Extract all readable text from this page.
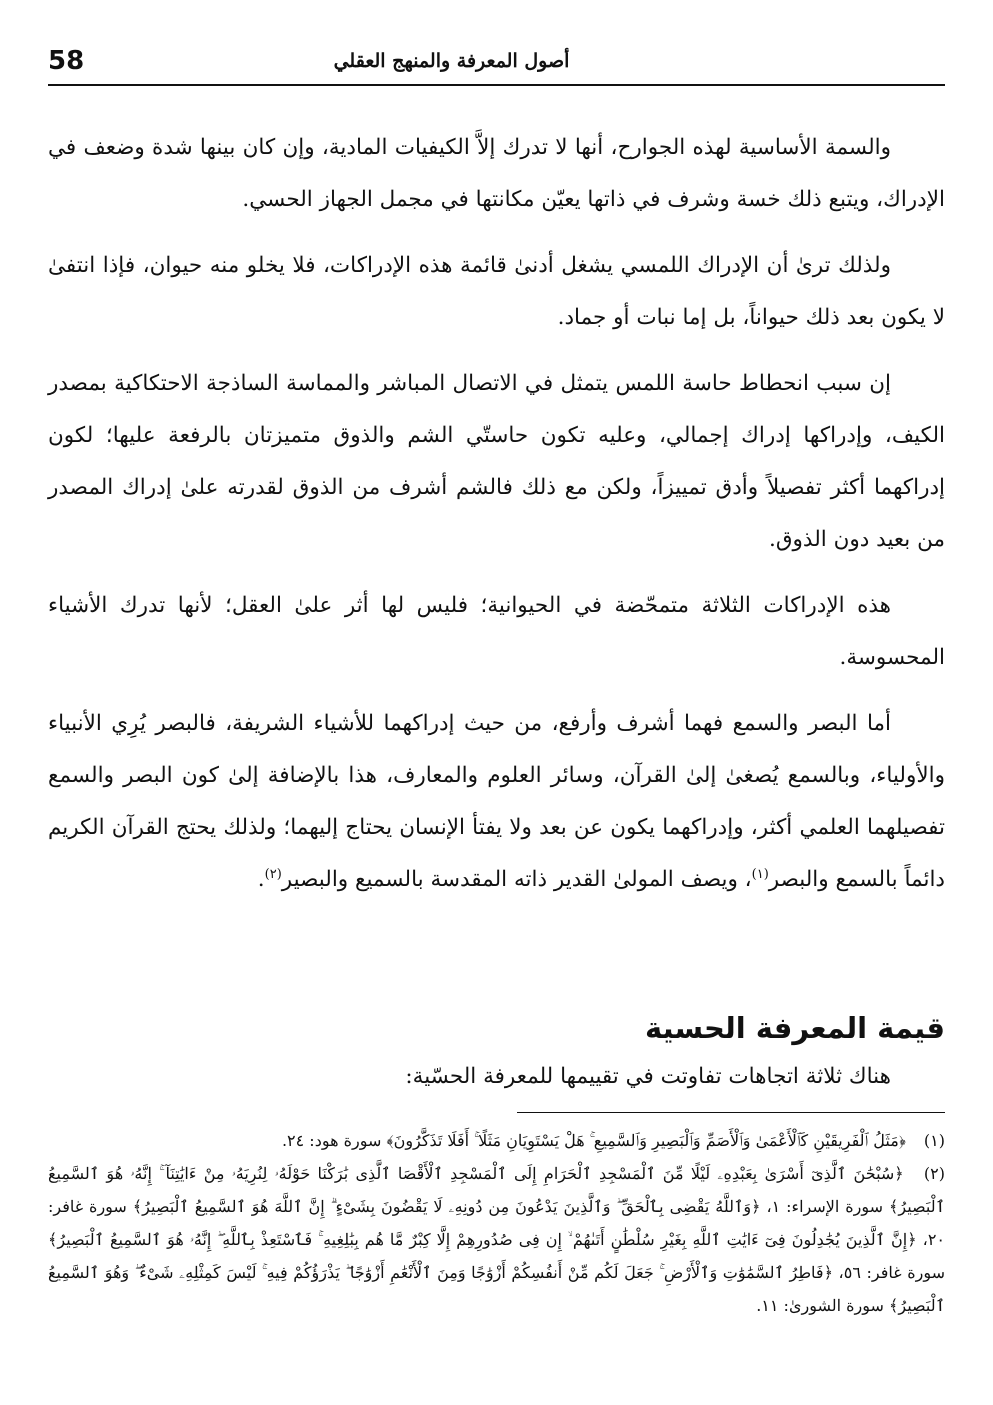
58	أصول المعرفة والمنهج العقلي

والسمة الأساسية لهذه الجوارح، أنها لا تدرك إلاَّ الكيفيات المادية، وإن كان بينها شدة وضعف في الإدراك، ويتبع ذلك خسة وشرف في ذاتها يعيّن مكانتها في مجمل الجهاز الحسي.

ولذلك ترىٰ أن الإدراك اللمسي يشغل أدنىٰ قائمة هذه الإدراكات، فلا يخلو منه حيوان، فإذا انتفىٰ لا يكون بعد ذلك حيواناً، بل إما نبات أو جماد.

إن سبب انحطاط حاسة اللمس يتمثل في الاتصال المباشر والمماسة الساذجة الاحتكاكية بمصدر الكيف، وإدراكها إدراك إجمالي، وعليه تكون حاستّي الشم والذوق متميزتان بالرفعة عليها؛ لكون إدراكهما أكثر تفصيلاً وأدق تمييزاً، ولكن مع ذلك فالشم أشرف من الذوق لقدرته علىٰ إدراك المصدر من بعيد دون الذوق.

هذه الإدراكات الثلاثة متمحّضة في الحيوانية؛ فليس لها أثر علىٰ العقل؛ لأنها تدرك الأشياء المحسوسة.

أما البصر والسمع فهما أشرف وأرفع، من حيث إدراكهما للأشياء الشريفة، فالبصر يُرِي الأنبياء والأولياء، وبالسمع يُصغىٰ إلىٰ القرآن، وسائر العلوم والمعارف، هذا بالإضافة إلىٰ كون البصر والسمع تفصيلهما العلمي أكثر، وإدراكهما يكون عن بعد ولا يفتأ الإنسان يحتاج إليهما؛ ولذلك يحتج القرآن الكريم دائماً بالسمع والبصر$^{(١)}$، ويصف المولىٰ القدير ذاته المقدسة بالسميع والبصير$^{(٢)}$.

قيمة المعرفة الحسية
هناك ثلاثة اتجاهات تفاوتت في تقييمها للمعرفة الحسّية:

(١) ﴿مَثَلُ ٱلْفَرِيقَيْنِ كَٱلْأَعْمَىٰ وَٱلْأَصَمِّ وَٱلْبَصِيرِ وَٱلسَّمِيعِ ۚ هَلْ يَسْتَوِيَانِ مَثَلًا ۚ أَفَلَا تَذَكَّرُونَ﴾ سورة هود: ٢٤.

(٢) ﴿سُبْحَٰنَ ٱلَّذِىٓ أَسْرَىٰ بِعَبْدِهِۦ لَيْلًا مِّنَ ٱلْمَسْجِدِ ٱلْحَرَامِ إِلَى ٱلْمَسْجِدِ ٱلْأَقْصَا ٱلَّذِى بَٰرَكْنَا حَوْلَهُۥ لِنُرِيَهُۥ مِنْ ءَايَٰتِنَآ ۚ إِنَّهُۥ هُوَ ٱلسَّمِيعُ ٱلْبَصِيرُ﴾ سورة الإسراء: ١، ﴿وَٱللَّهُ يَقْضِى بِٱلْحَقِّ ۖ وَٱلَّذِينَ يَدْعُونَ مِن دُونِهِۦ لَا يَقْضُونَ بِشَىْءٍ ۗ إِنَّ ٱللَّهَ هُوَ ٱلسَّمِيعُ ٱلْبَصِيرُ﴾ سورة غافر: ٢٠، ﴿إِنَّ ٱلَّذِينَ يُجَٰدِلُونَ فِىٓ ءَايَٰتِ ٱللَّهِ بِغَيْرِ سُلْطَٰنٍ أَتَىٰهُمْ ۙ إِن فِى صُدُورِهِمْ إِلَّا كِبْرٌ مَّا هُم بِبَٰلِغِيهِ ۚ فَٱسْتَعِذْ بِٱللَّهِ ۖ إِنَّهُۥ هُوَ ٱلسَّمِيعُ ٱلْبَصِيرُ﴾ سورة غافر: ٥٦، ﴿فَاطِرُ ٱلسَّمَٰوَٰتِ وَٱلْأَرْضِ ۚ جَعَلَ لَكُم مِّنْ أَنفُسِكُمْ أَزْوَٰجًا وَمِنَ ٱلْأَنْعَٰمِ أَزْوَٰجًا ۖ يَذْرَؤُكُمْ فِيهِ ۚ لَيْسَ كَمِثْلِهِۦ شَىْءٌ ۖ وَهُوَ ٱلسَّمِيعُ ٱلْبَصِيرُ﴾ سورة الشورىٰ: ١١.
